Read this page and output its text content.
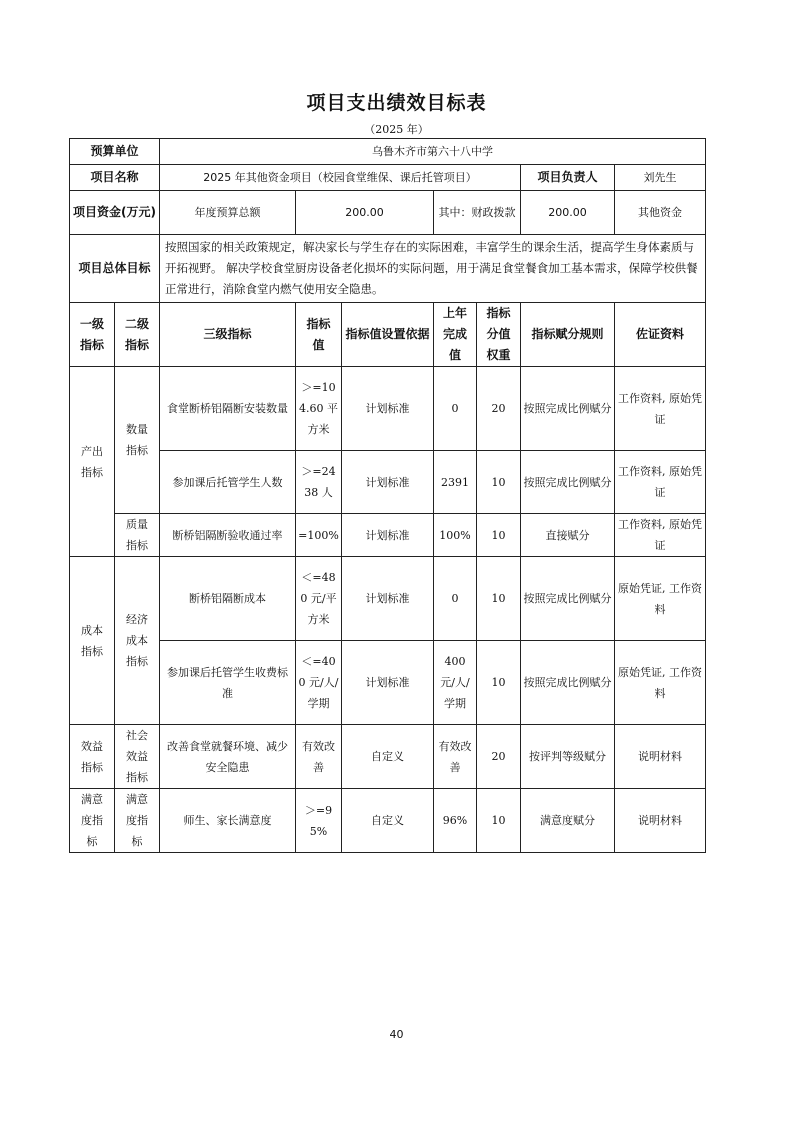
项目支出绩效目标表
（2025 年）
预算单位		乌鲁木齐市第六十八中学						
项目名称		2025 年其他资金项目（校园食堂维保、课后托管项目）					项目负责人	刘先生
项目资金(万元)		年度预算总额	200.00		其中：财政拨款		200.00	其他资金
项目总体目标		按照国家的相关政策规定，解决家长与学生存在的实际困难，丰富学生的课余生活，提高学生身体素质与开拓视野。 解决学校食堂厨房设备老化损坏的实际问题，用于满足食堂餐食加工基本需求，保障学校供餐正常进行，消除食堂内燃气使用安全隐患。						
一级指标	二级指标	三级指标	指标值	指标值设置依据	上年完成值	指标分值权重	指标赋分规则	佐证资料
产出指标	数量指标	食堂断桥铝隔断安装数量	＞=104.60 平方米	计划标准	0	20	按照完成比例赋分	工作资料, 原始凭证
		参加课后托管学生人数	＞=2438 人	计划标准	2391	10	按照完成比例赋分	工作资料, 原始凭证
	质量指标	断桥铝隔断验收通过率	=100%	计划标准	100%	10	直接赋分	工作资料, 原始凭证
成本指标	经济成本指标	断桥铝隔断成本	＜=480 元/平方米	计划标准	0	10	按照完成比例赋分	原始凭证, 工作资料
		参加课后托管学生收费标准	＜=400 元/人/学期	计划标准	400 元/人/学期	10	按照完成比例赋分	原始凭证, 工作资料
效益指标	社会效益指标	改善食堂就餐环境、减少安全隐患	有效改善	自定义	有效改善	20	按评判等级赋分	说明材料
满意度指标	满意度指标	师生、家长满意度	＞=95%	自定义	96%	10	满意度赋分	说明材料
40
